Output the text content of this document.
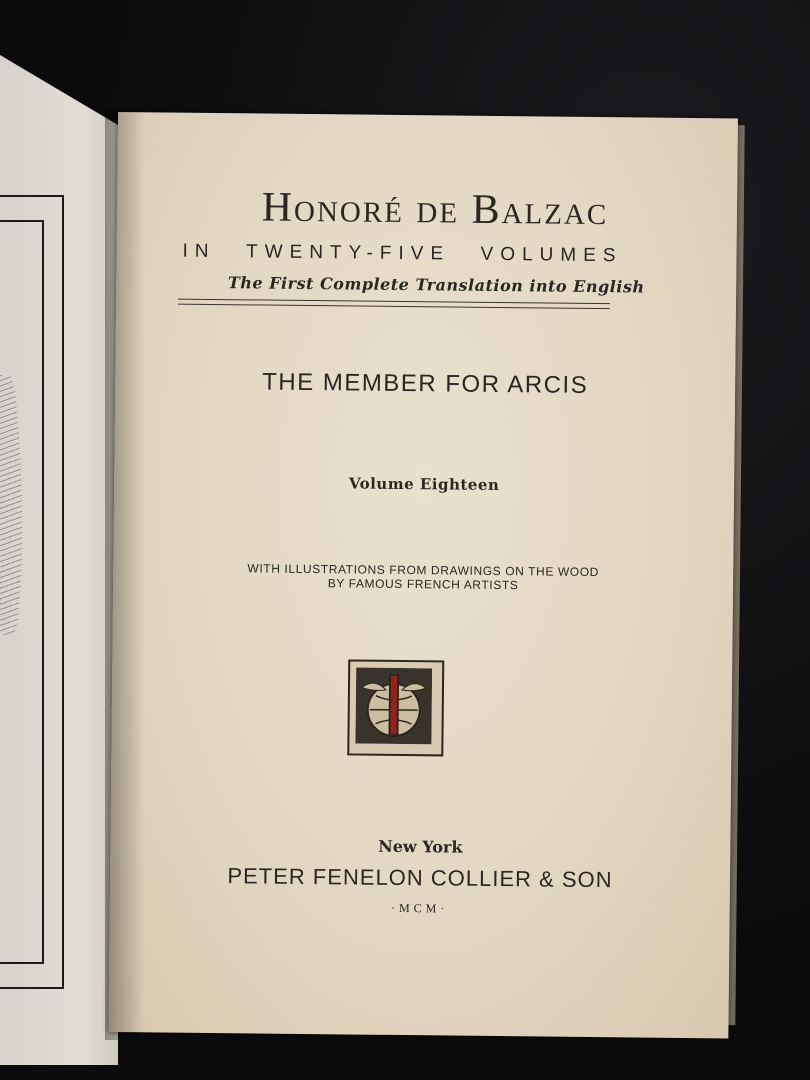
Honoré de Balzac
IN TWENTY-FIVE VOLUMES
The First Complete Translation into English
THE MEMBER FOR ARCIS
Volume Eighteen
WITH ILLUSTRATIONS FROM DRAWINGS ON THE WOOD
BY FAMOUS FRENCH ARTISTS
New York
PETER FENELON COLLIER & SON
·MCM·
